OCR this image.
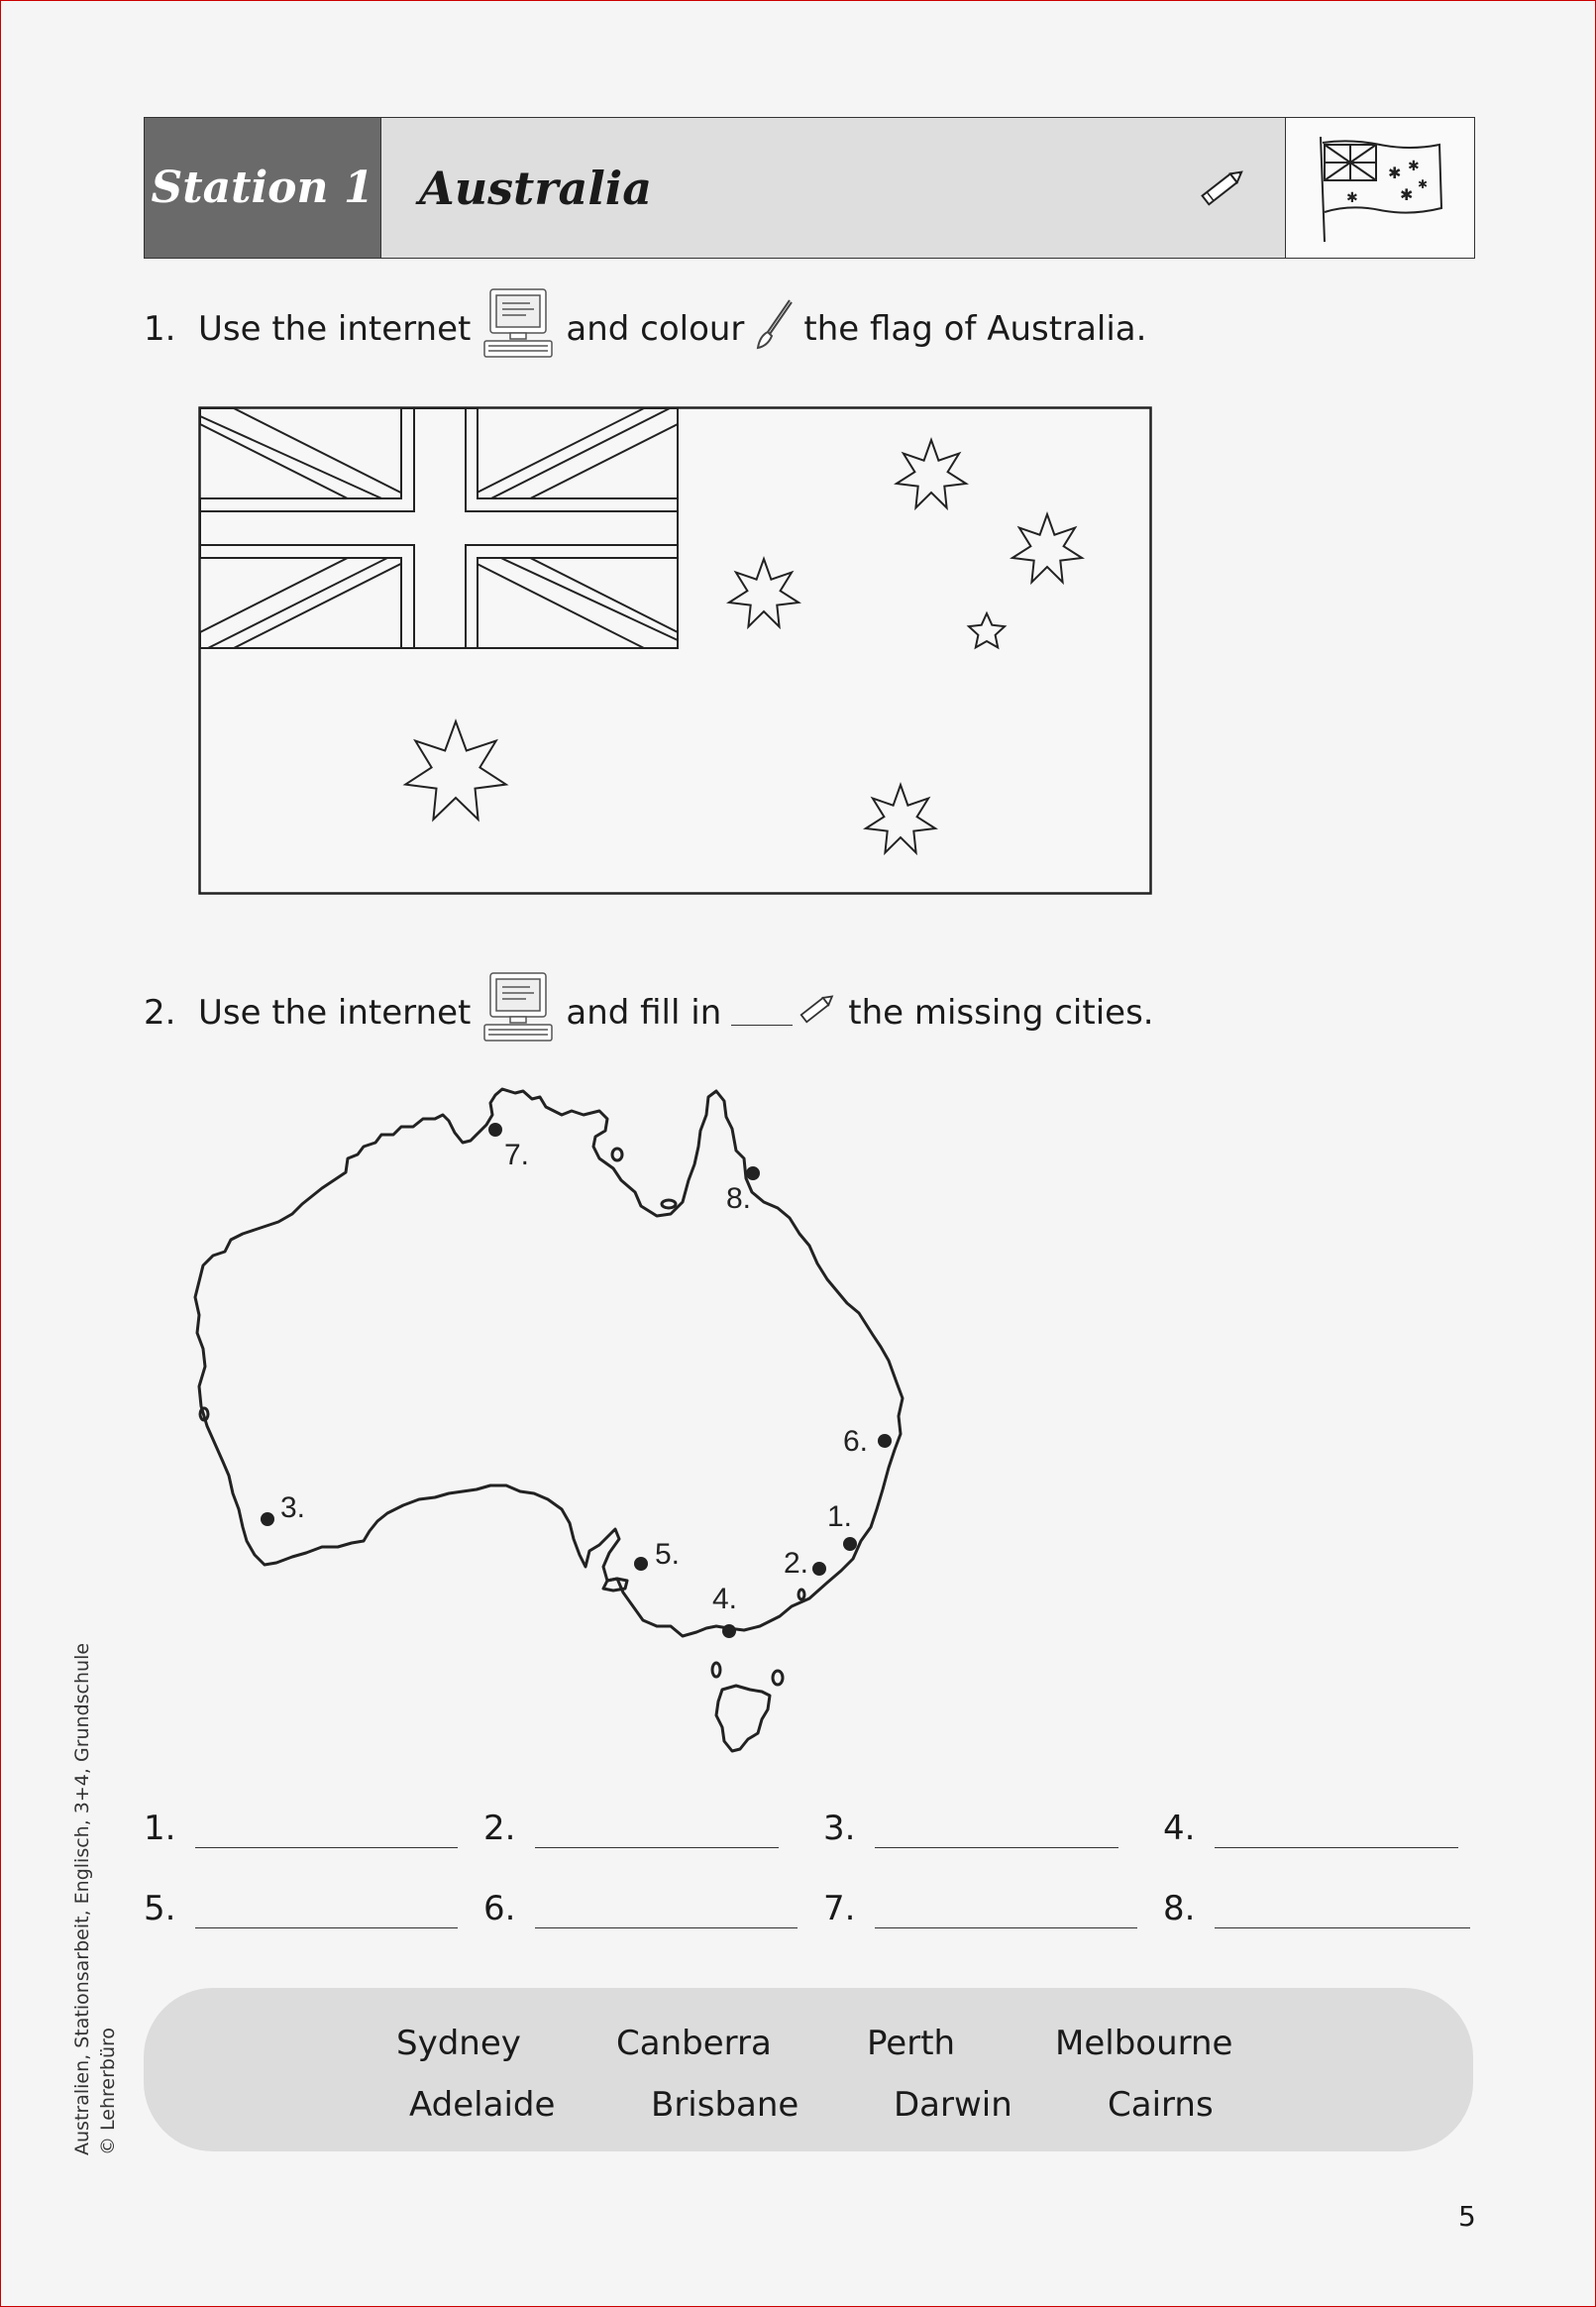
Station 1 Australia	✱ ✱
✱
✱
✱
1. Use the internet	and colour the flag of Australia.
2. Use the internet	and fill in	the missing cities.
7.
8.
6.
3.	1.
2.
5.
4.
1.	2.	3.	4.
5.	6.	7.	8.
Sydney	Canberra	Perth	Melbourne
Adelaide	Brisbane	Darwin	Cairns
Australien, Stationsarbeit, Englisch, 3+4, Grundschule © Lehrerbüro
5
